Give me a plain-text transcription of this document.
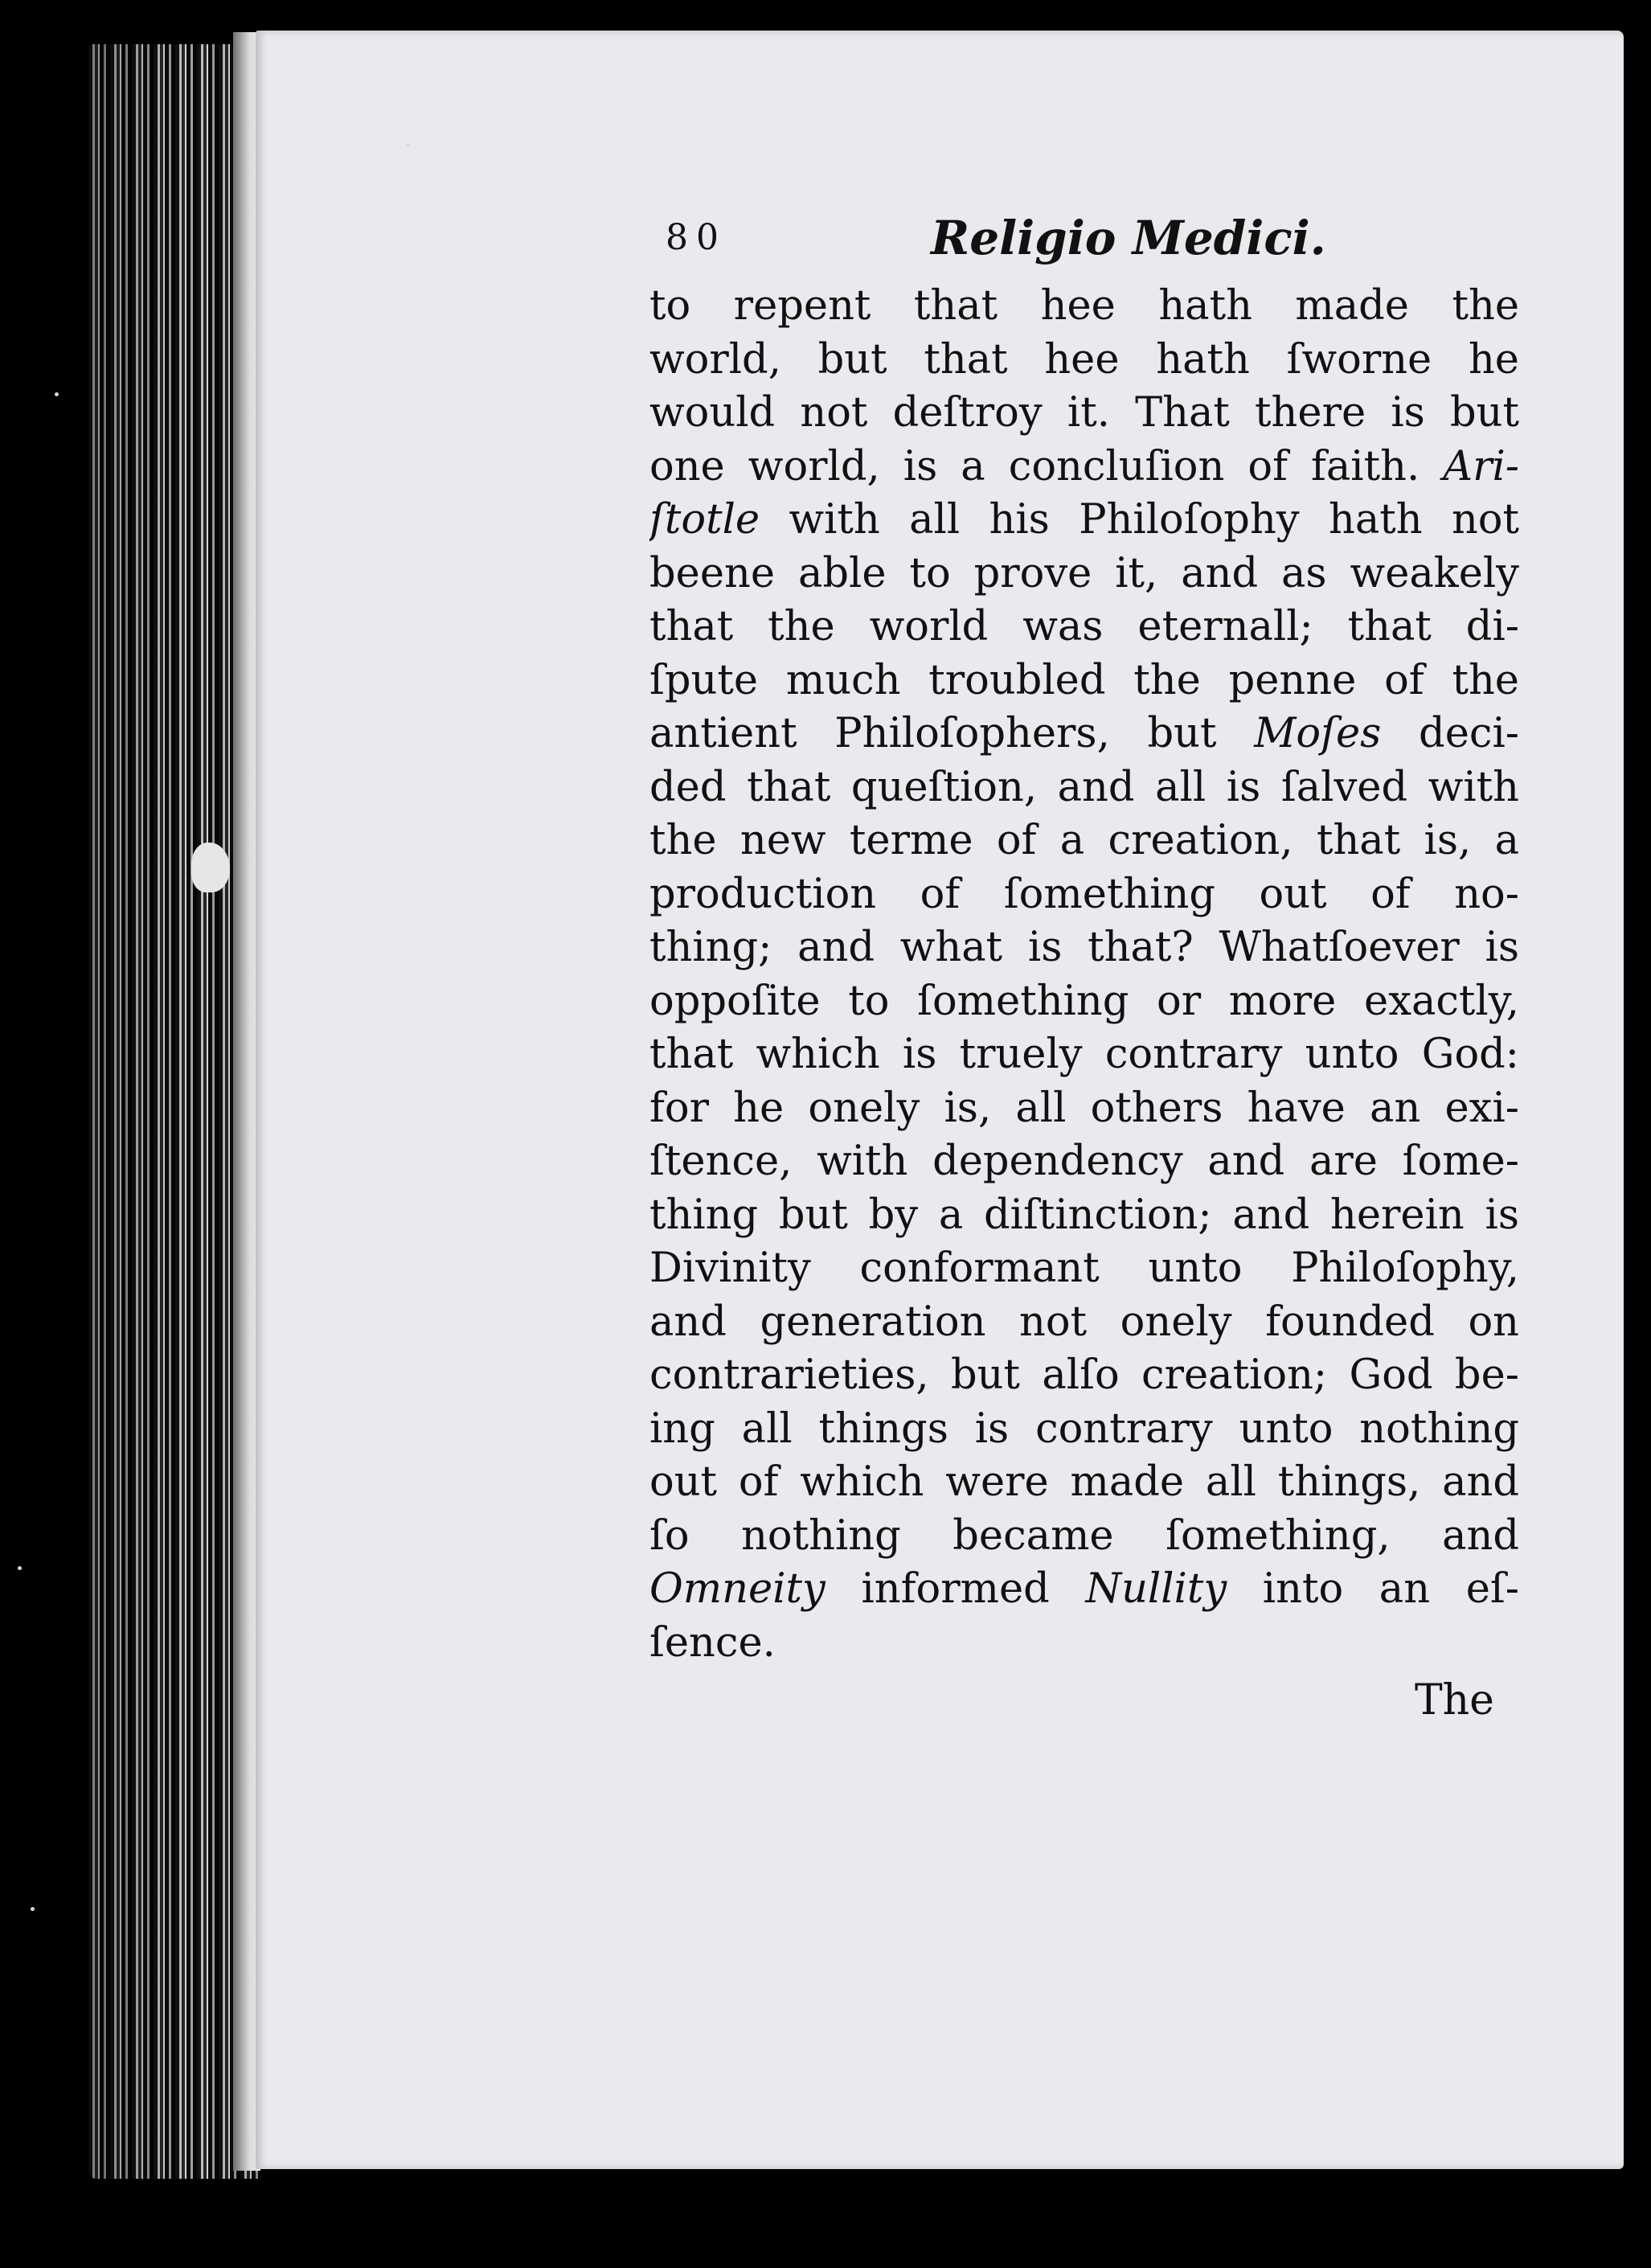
80	Religio Medici.
to repent that hee hath made the
world, but that hee hath ſworne he
would not deſtroy it. That there is but
one world, is a concluſion of faith. Ari-
ſtotle with all his Philoſophy hath not
beene able to prove it, and as weakely
that the world was eternall; that di-
ſpute much troubled the penne of the
antient Philoſophers, but Moſes deci-
ded that queſtion, and all is ſalved with
the new terme of a creation, that is, a
production of ſomething out of no-
thing; and what is that? Whatſoever is
oppoſite to ſomething or more exactly,
that which is truely contrary unto God:
for he onely is, all others have an exi-
ſtence, with dependency and are ſome-
thing but by a diſtinction; and herein is
Divinity conformant unto Philoſophy,
and generation not onely founded on
contrarieties, but alſo creation; God be-
ing all things is contrary unto nothing
out of which were made all things, and
ſo nothing became ſomething, and
Omneity informed Nullity into an eſ-
ſence.
The
